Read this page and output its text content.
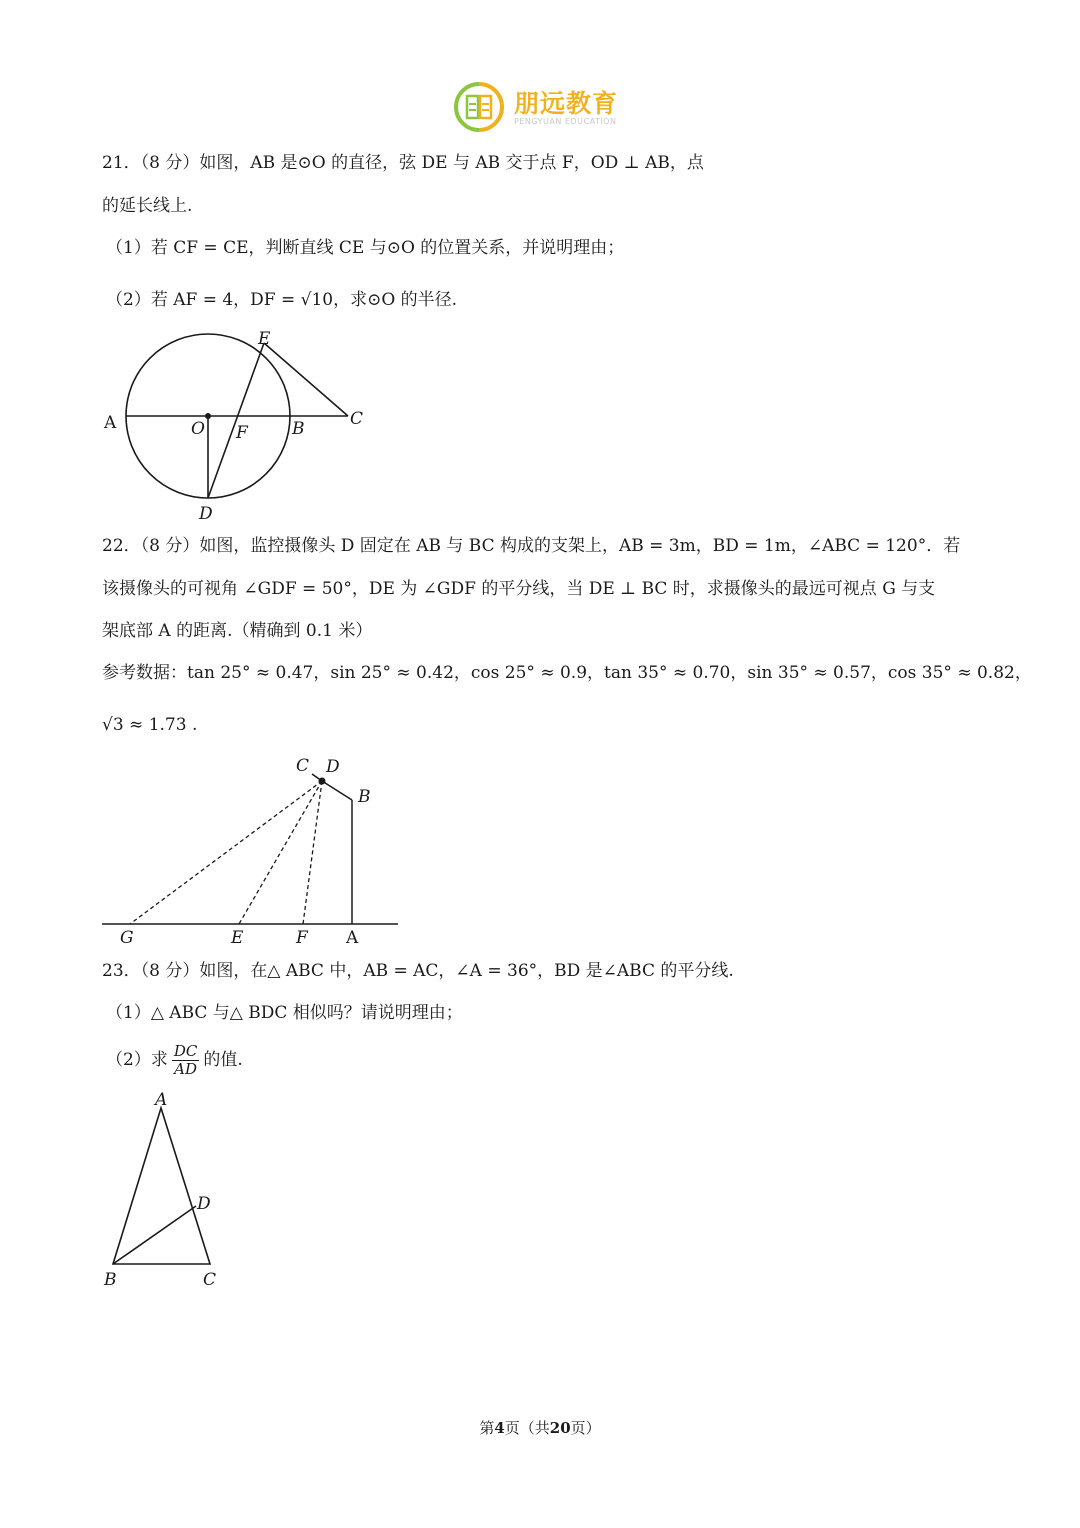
朋远教育
PENGYUAN EDUCATION
21．（8 分）如图，AB 是⊙O 的直径，弦 DE 与 AB 交于点 F，OD ⊥ AB，点
的延长线上.
（1）若 CF = CE，判断直线 CE 与⊙O 的位置关系，并说明理由；
（2）若 AF = 4，DF = √10，求⊙O 的半径.
E
A	O F	B	C
D
22．（8 分）如图，监控摄像头 D 固定在 AB 与 BC 构成的支架上，AB = 3m，BD = 1m，∠ABC = 120°．若
该摄像头的可视角 ∠GDF = 50°，DE 为 ∠GDF 的平分线，当 DE ⊥ BC 时，求摄像头的最远可视点 G 与支
架底部 A 的距离.（精确到 0.1 米）
参考数据：tan 25° ≈ 0.47，sin 25° ≈ 0.42，cos 25° ≈ 0.9，tan 35° ≈ 0.70，sin 35° ≈ 0.57，cos 35° ≈ 0.82，
√3 ≈ 1.73 .
C D
B
G	E	F A
23．（8 分）如图，在△ ABC 中，AB = AC，∠A = 36°，BD 是∠ABC 的平分线.
（1）△ ABC 与△ BDC 相似吗？请说明理由；
（2）求 $\frac{DC}{AD}$ 的值.
A
D
B	C
第4页（共20页）
